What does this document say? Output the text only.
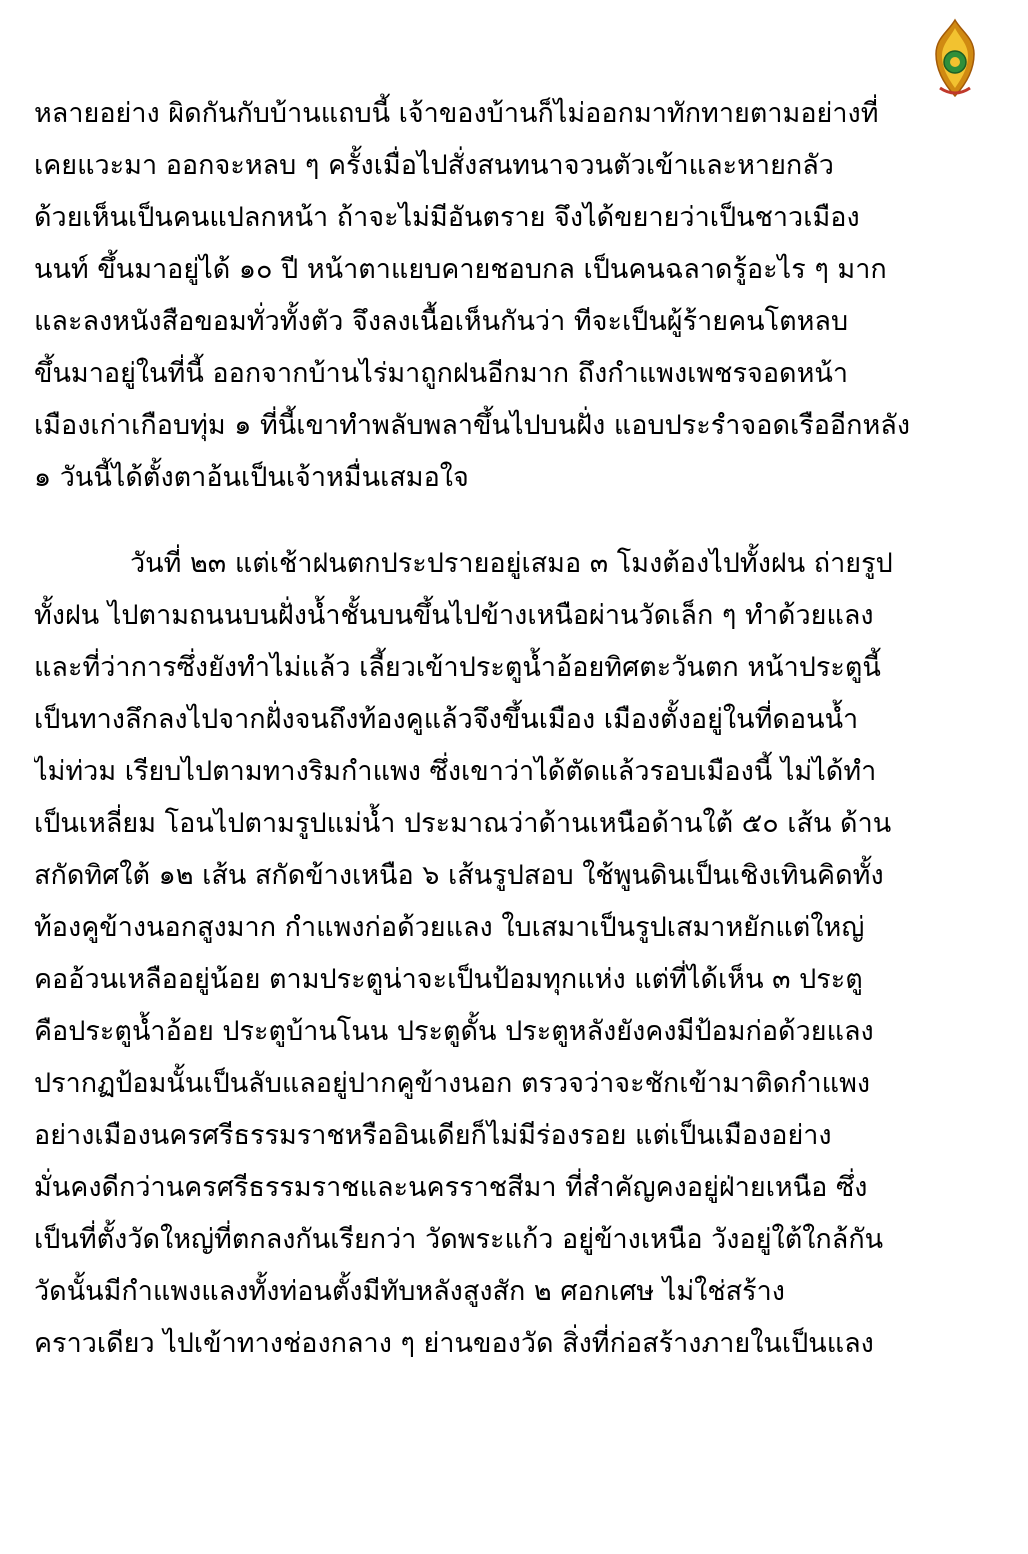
หลายอย่าง ผิดกันกับบ้านแถบนี้ เจ้าของบ้านก็ไม่ออกมาทักทายตามอย่างที่
เคยแวะมา ออกจะหลบ ๆ ครั้งเมื่อไปสั่งสนทนาจวนตัวเข้าและหายกลัว
ด้วยเห็นเป็นคนแปลกหน้า ถ้าจะไม่มีอันตราย จึงได้ขยายว่าเป็นชาวเมือง
นนท์ ขึ้นมาอยู่ได้ ๑๐ ปี หน้าตาแยบคายชอบกล เป็นคนฉลาดรู้อะไร ๆ มาก
และลงหนังสือขอมทั่วทั้งตัว จึงลงเนื้อเห็นกันว่า ทีจะเป็นผู้ร้ายคนโตหลบ
ขึ้นมาอยู่ในที่นี้ ออกจากบ้านไร่มาถูกฝนอีกมาก ถึงกำแพงเพชรจอดหน้า
เมืองเก่าเกือบทุ่ม ๑ ที่นี้เขาทำพลับพลาขึ้นไปบนฝั่ง แอบประรำจอดเรืออีกหลัง
๑ วันนี้ได้ตั้งตาอ้นเป็นเจ้าหมื่นเสมอใจ
วันที่ ๒๓ แต่เช้าฝนตกประปรายอยู่เสมอ ๓ โมงต้องไปทั้งฝน ถ่ายรูป
ทั้งฝน ไปตามถนนบนฝั่งน้ำชั้นบนขึ้นไปข้างเหนือผ่านวัดเล็ก ๆ ทำด้วยแลง
และที่ว่าการซึ่งยังทำไม่แล้ว เลี้ยวเข้าประตูน้ำอ้อยทิศตะวันตก หน้าประตูนี้
เป็นทางลึกลงไปจากฝั่งจนถึงท้องคูแล้วจึงขึ้นเมือง เมืองตั้งอยู่ในที่ดอนน้ำ
ไม่ท่วม เรียบไปตามทางริมกำแพง ซึ่งเขาว่าได้ตัดแล้วรอบเมืองนี้ ไม่ได้ทำ
เป็นเหลี่ยม โอนไปตามรูปแม่น้ำ ประมาณว่าด้านเหนือด้านใต้ ๕๐ เส้น ด้าน
สกัดทิศใต้ ๑๒ เส้น สกัดข้างเหนือ ๖ เส้นรูปสอบ ใช้พูนดินเป็นเชิงเทินคิดทั้ง
ท้องคูข้างนอกสูงมาก กำแพงก่อด้วยแลง ใบเสมาเป็นรูปเสมาหยักแต่ใหญ่
คออ้วนเหลืออยู่น้อย ตามประตูน่าจะเป็นป้อมทุกแห่ง แต่ที่ได้เห็น ๓ ประตู
คือประตูน้ำอ้อย ประตูบ้านโนน ประตูดั้น ประตูหลังยังคงมีป้อมก่อด้วยแลง
ปรากฏป้อมนั้นเป็นลับแลอยู่ปากคูข้างนอก ตรวจว่าจะชักเข้ามาติดกำแพง
อย่างเมืองนครศรีธรรมราชหรืออินเดียก็ไม่มีร่องรอย แต่เป็นเมืองอย่าง
มั่นคงดีกว่านครศรีธรรมราชและนครราชสีมา ที่สำคัญคงอยู่ฝ่ายเหนือ ซึ่ง
เป็นที่ตั้งวัดใหญ่ที่ตกลงกันเรียกว่า วัดพระแก้ว อยู่ข้างเหนือ วังอยู่ใต้ใกล้กัน
วัดนั้นมีกำแพงแลงทั้งท่อนตั้งมีทับหลังสูงสัก ๒ ศอกเศษ ไม่ใช่สร้าง
คราวเดียว ไปเข้าทางช่องกลาง ๆ ย่านของวัด สิ่งที่ก่อสร้างภายในเป็นแลง
